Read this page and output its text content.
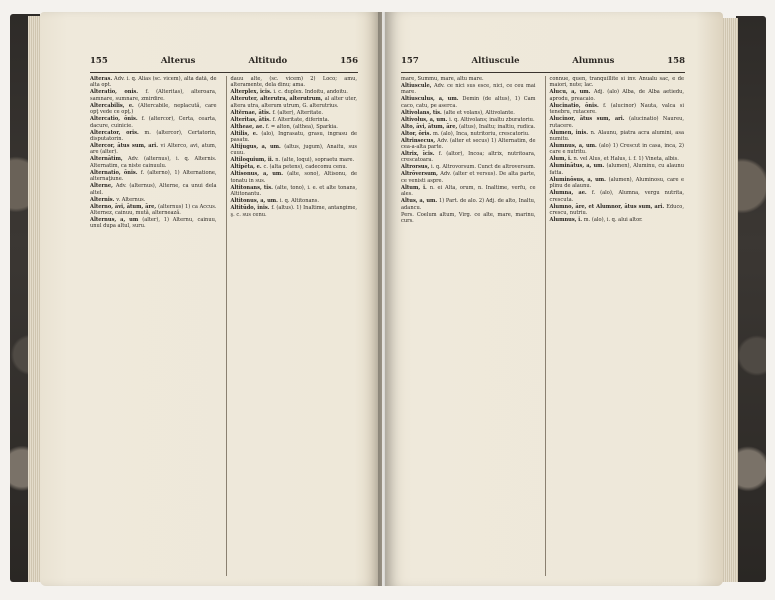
155	Alterus	Altitudo	156
Alterās. Adv. i. q. Alias (sc. vicem), alta dată, de alta opt.
Alteratio, onis. f. (Alteritas), alteroara, samnare, sumnare, zmirdire.
Altercabilis, e. (Altercabile, neplacută, care opţ vede ce opţ.)
Altercatio, ōnis. f. (altercor), Certa, cearta, dacure, cuinicie.
Altercator, oris. m. (altercor), Certatorin, disputatorin.
Altercor, ātus sum, ari. vi Alterco, avi, atum, are (alter).
Alternātim, Adv. (alternus), i. q. Alternis. Alternatim, ca niste cainuulu.
Alternatio, ōnis. f. (alterno), 1) Alternatione, alternaţiune.
Alterne, Adv. (alternus), Alterne, ca unui dela altel.
Alternis. v. Alternus.
Alterno, āvi, ātum, āre, (alternus) 1) ca Accus. Alternez, cainuu, mută, alternează.
Alternus, a, um (alter), 1) Alternu, cainuu, unul dupa altul, suru.
dauu alte, (sc. vicem) 2) Loco; amu, alteramente, dela dinu; ama.
Alterplex, icis. i. c. duplex. Indoitu, andoitu.
Alteruter, alterutra, alterutrum, al alter uter, altera utra, alterum utrum, G. alterutrius.
Altĕrnae, ātis. f. (alter), Alteritate.
Alteritas, ātis. f. Alteritate, diferinta.
Altheae, ae. f. = alton, (althea), Sparkia.
Altilis, e. (alo), Ingrasatu, grasu, ingrasu de pasatu.
Altijugus, a, um. (altus, jugum), Anaitu, sus cuuu.
Altiloquium, ii. n. (alte, loqui), sopraetu mare.
Altipēta, e. c. (alta petens), cadecomu cenu.
Altisonus, a, um. (alte, sono), Altisonu, de tonatu in sus.
Altitonans, tis. (alte, tono), i. e. et alte tonans, Altitonantu.
Altitonus, a, um. i. q. Altitonans.
Altitūdo, inis. f. (altus). 1) Inaltime, antangime, ş. c. sus cenu.
157	Altiuscule	Alumnus	158
mare, Summu, mare, altu mare.
Altiuscule, Adv. ce nici sus esce, nici, ce ceu mai mare.
Altiusculus, a, um. Demin (de altus), 1) Cam caco, catu, pe aserca.
Altivolans, tis. (alte et volans), Altivolante.
Altivolus, a, um. i. q. Altivolans; inaltu zburatoriu.
Alto, āvi, ātum, āre, (altus), Inaltu; inaltiu, rudica.
Altor, ōris. m. (alo), Inca, nutritoriu, crescatoriu.
Altrinsecus, Adv. (alter et secus) 1) Alternatim, de cea-a-alta parte.
Altrix, īcis. f. (altor), Incoa; altrix, nutritoara, crescatoara.
Altrorsus, i. q. Altrovorsum. Cunct de altroversum.
Altrōversum, Adv. (alter et versus). De alta parte, ce venisti aspre.
Altum, i. n. ei Alta, orum, n. Inaltime, verfu, ce ales.
Altus, a, um. 1) Part. de alo. 2) Adj. de alto, Inaltu, adancu.
Pers. Coelum altum, Virg. ce alte, mare, marinu, curs.
connue, quen, tranquillite si inv. Anualu sac, e de maiori, nute; lac.
Alucu, a, um. Adj. (alo) Alba, de Alba aetiedu, aprodu, preacaio.
Alucinatio, ōnis. f. (alucinor) Nauta, valca si tenebru, rutacere.
Alucinor, ātus sum, ari. (alucinatio) Naureu, rutacere.
Alumen, inis. n. Alaunu, piatra acra alumini, asa numitu.
Alumnus, a, um. (alo) 1) Crescut in casa, inca, 2) care e nutritu.
Alum, i. n. vel Alus, et Halus, i. f. 1) Vineta, albis.
Aluminātus, a, um. (alumen), Aluminu, cu alaunu fatta.
Aluminōsus, a, um. (alumen), Aluminosu, care e plinu de alaunu.
Alumna, ae. f. (alo), Alumna, vergu nutrita, crescuta.
Alumno, āre, et Alumnor, ātus sum, ari. Educo, crescu, nutriu.
Alumnus, i. m. (alo), i. q. alui altor.
